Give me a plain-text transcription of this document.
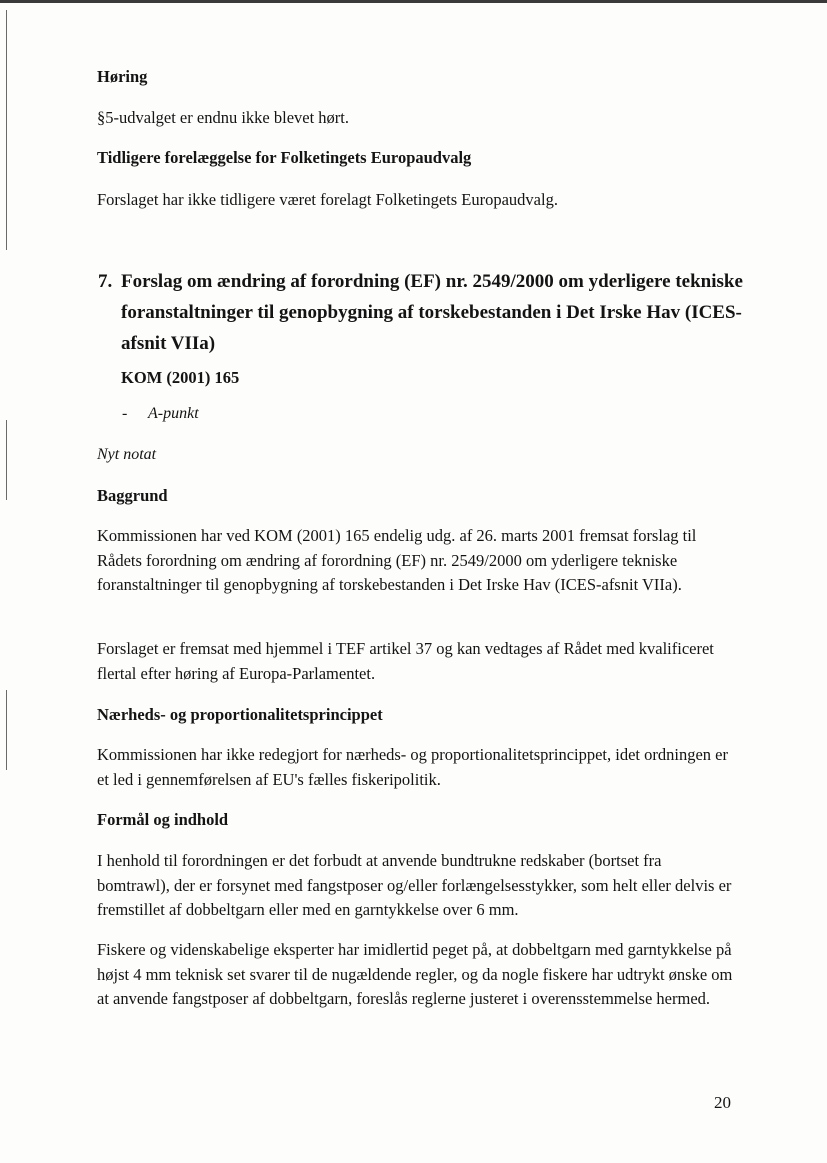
Høring

§5-udvalget er endnu ikke blevet hørt.

Tidligere forelæggelse for Folketingets Europaudvalg

Forslaget har ikke tidligere været forelagt Folketingets Europaudvalg.

7. Forslag om ændring af forordning (EF) nr. 2549/2000 om yderligere tekniske foranstaltninger til genopbygning af torskebestanden i Det Irske Hav (ICES-afsnit VIIa)

KOM (2001) 165

- A-punkt

Nyt notat

Baggrund

Kommissionen har ved KOM (2001) 165 endelig udg. af 26. marts 2001 fremsat forslag til Rådets forordning om ændring af forordning (EF) nr. 2549/2000 om yderligere tekniske foranstaltninger til genopbygning af torskebestanden i Det Irske Hav (ICES-afsnit VIIa).

Forslaget er fremsat med hjemmel i TEF artikel 37 og kan vedtages af Rådet med kvalificeret flertal efter høring af Europa-Parlamentet.

Nærheds- og proportionalitetsprincippet

Kommissionen har ikke redegjort for nærheds- og proportionalitetsprincippet, idet ordningen er et led i gennemførelsen af EU's fælles fiskeripolitik.

Formål og indhold

I henhold til forordningen er det forbudt at anvende bundtrukne redskaber (bortset fra bomtrawl), der er forsynet med fangstposer og/eller forlængelsesstykker, som helt eller delvis er fremstillet af dobbeltgarn eller med en garntykkelse over 6 mm.

Fiskere og videnskabelige eksperter har imidlertid peget på, at dobbeltgarn med garntykkelse på højst 4 mm teknisk set svarer til de nugældende regler, og da nogle fiskere har udtrykt ønske om at anvende fangstposer af dobbeltgarn, foreslås reglerne justeret i overensstemmelse hermed.

20
